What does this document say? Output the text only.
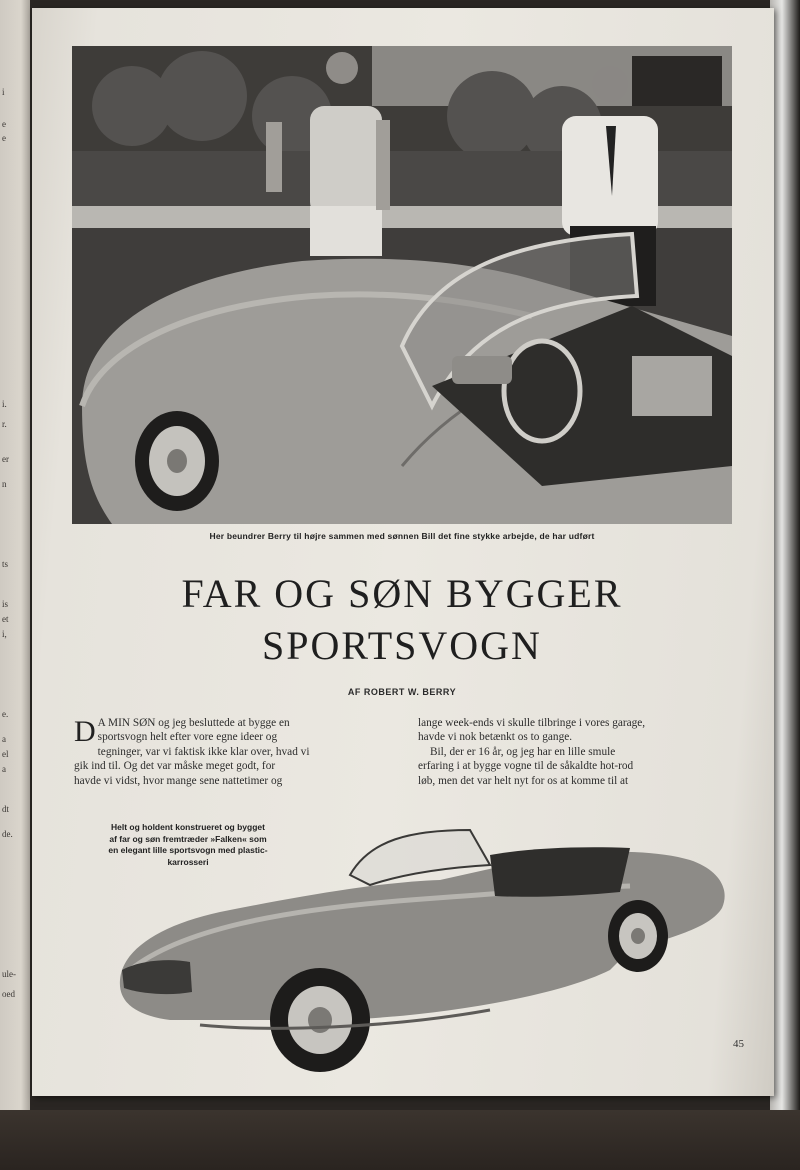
i
e
e
i.
r.
er
n
ts
is
et
i,
e.
a
el
a
dt
de.
ule-
oed
Her beundrer Berry til højre sammen med sønnen Bill det fine stykke arbejde, de har udført
FAR OG SØN BYGGER
SPORTSVOGN
AF ROBERT W. BERRY
D A MIN SØN og jeg besluttede at bygge en
sportsvogn helt efter vore egne ideer og
tegninger, var vi faktisk ikke klar over, hvad vi
gik ind til. Og det var måske meget godt, for
havde vi vidst, hvor mange sene nattetimer og
lange week-ends vi skulle tilbringe i vores garage,
havde vi nok betænkt os to gange.
Bil, der er 16 år, og jeg har en lille smule
erfaring i at bygge vogne til de såkaldte hot-rod
løb, men det var helt nyt for os at komme til at
Helt og holdent konstrueret og bygget
af far og søn fremtræder »Falken« som
en elegant lille sportsvogn med plastic-
karrosseri
45
